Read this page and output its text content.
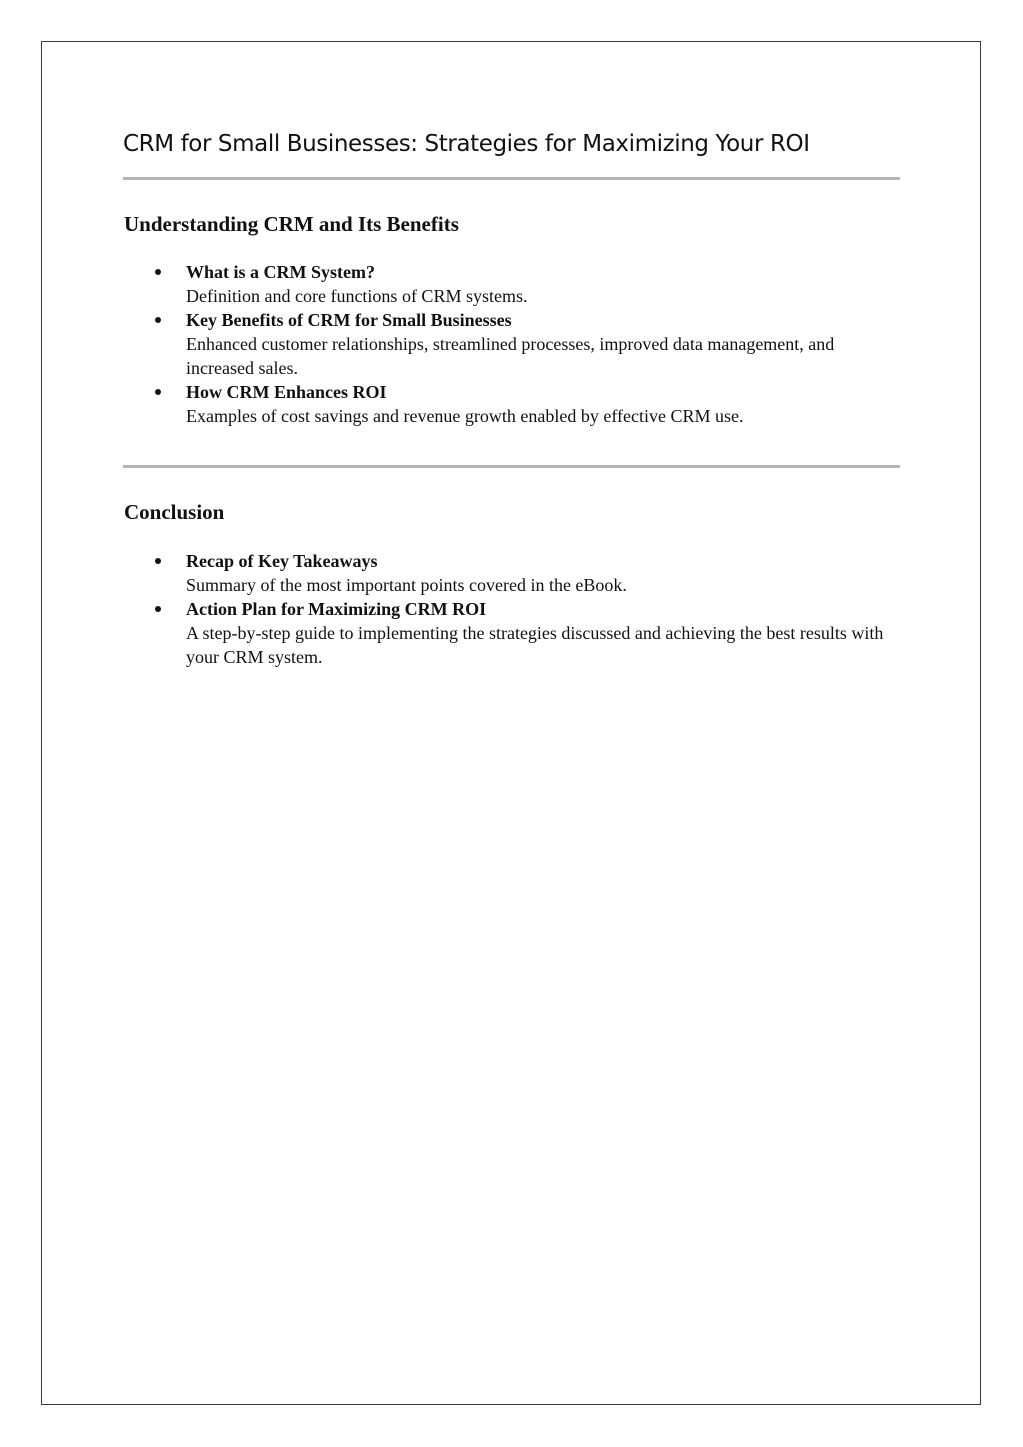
CRM for Small Businesses: Strategies for Maximizing Your ROI
Understanding CRM and Its Benefits
What is a CRM System?
Definition and core functions of CRM systems.
Key Benefits of CRM for Small Businesses
Enhanced customer relationships, streamlined processes, improved data management, and increased sales.
How CRM Enhances ROI
Examples of cost savings and revenue growth enabled by effective CRM use.
Conclusion
Recap of Key Takeaways
Summary of the most important points covered in the eBook.
Action Plan for Maximizing CRM ROI
A step-by-step guide to implementing the strategies discussed and achieving the best results with your CRM system.
